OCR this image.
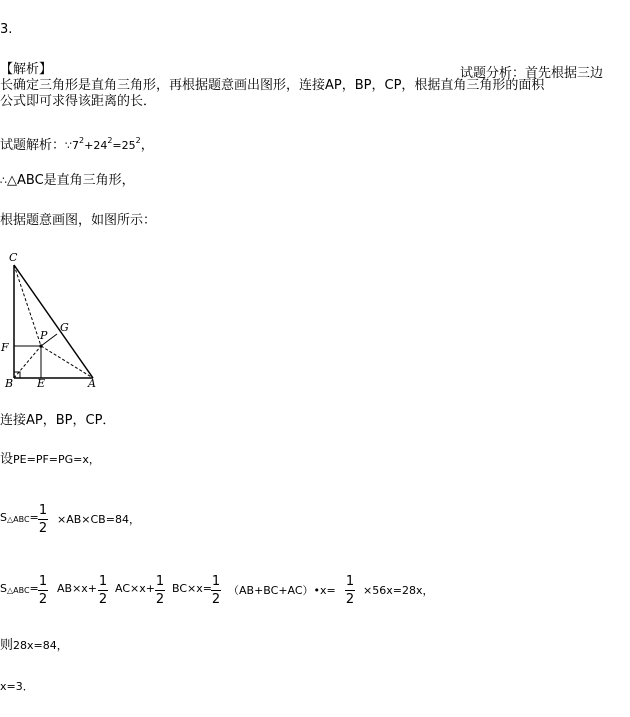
3.
【解析】	试题分析：首先根据三边
长确定三角形是直角三角形，再根据题意画出图形，连接AP，BP，CP，根据直角三角形的面积
公式即可求得该距离的长．
试题解析：$\because 7^2+24^2=25^2$，
∴△ABC是直角三角形，
根据题意画图，如图所示：
C
G
P
F
B E	A
连接AP，BP，CP．
设PE=PF=PG=x，
S△ABC= 1
2
×AB×CB=84，
S△ABC= 1
2
AB×x+ 1
2
AC×x+ 1
2
BC×x= 1
2
（AB+BC+AC）•x=
1
2
×56x=28x，
则28x=84，
x=3．
